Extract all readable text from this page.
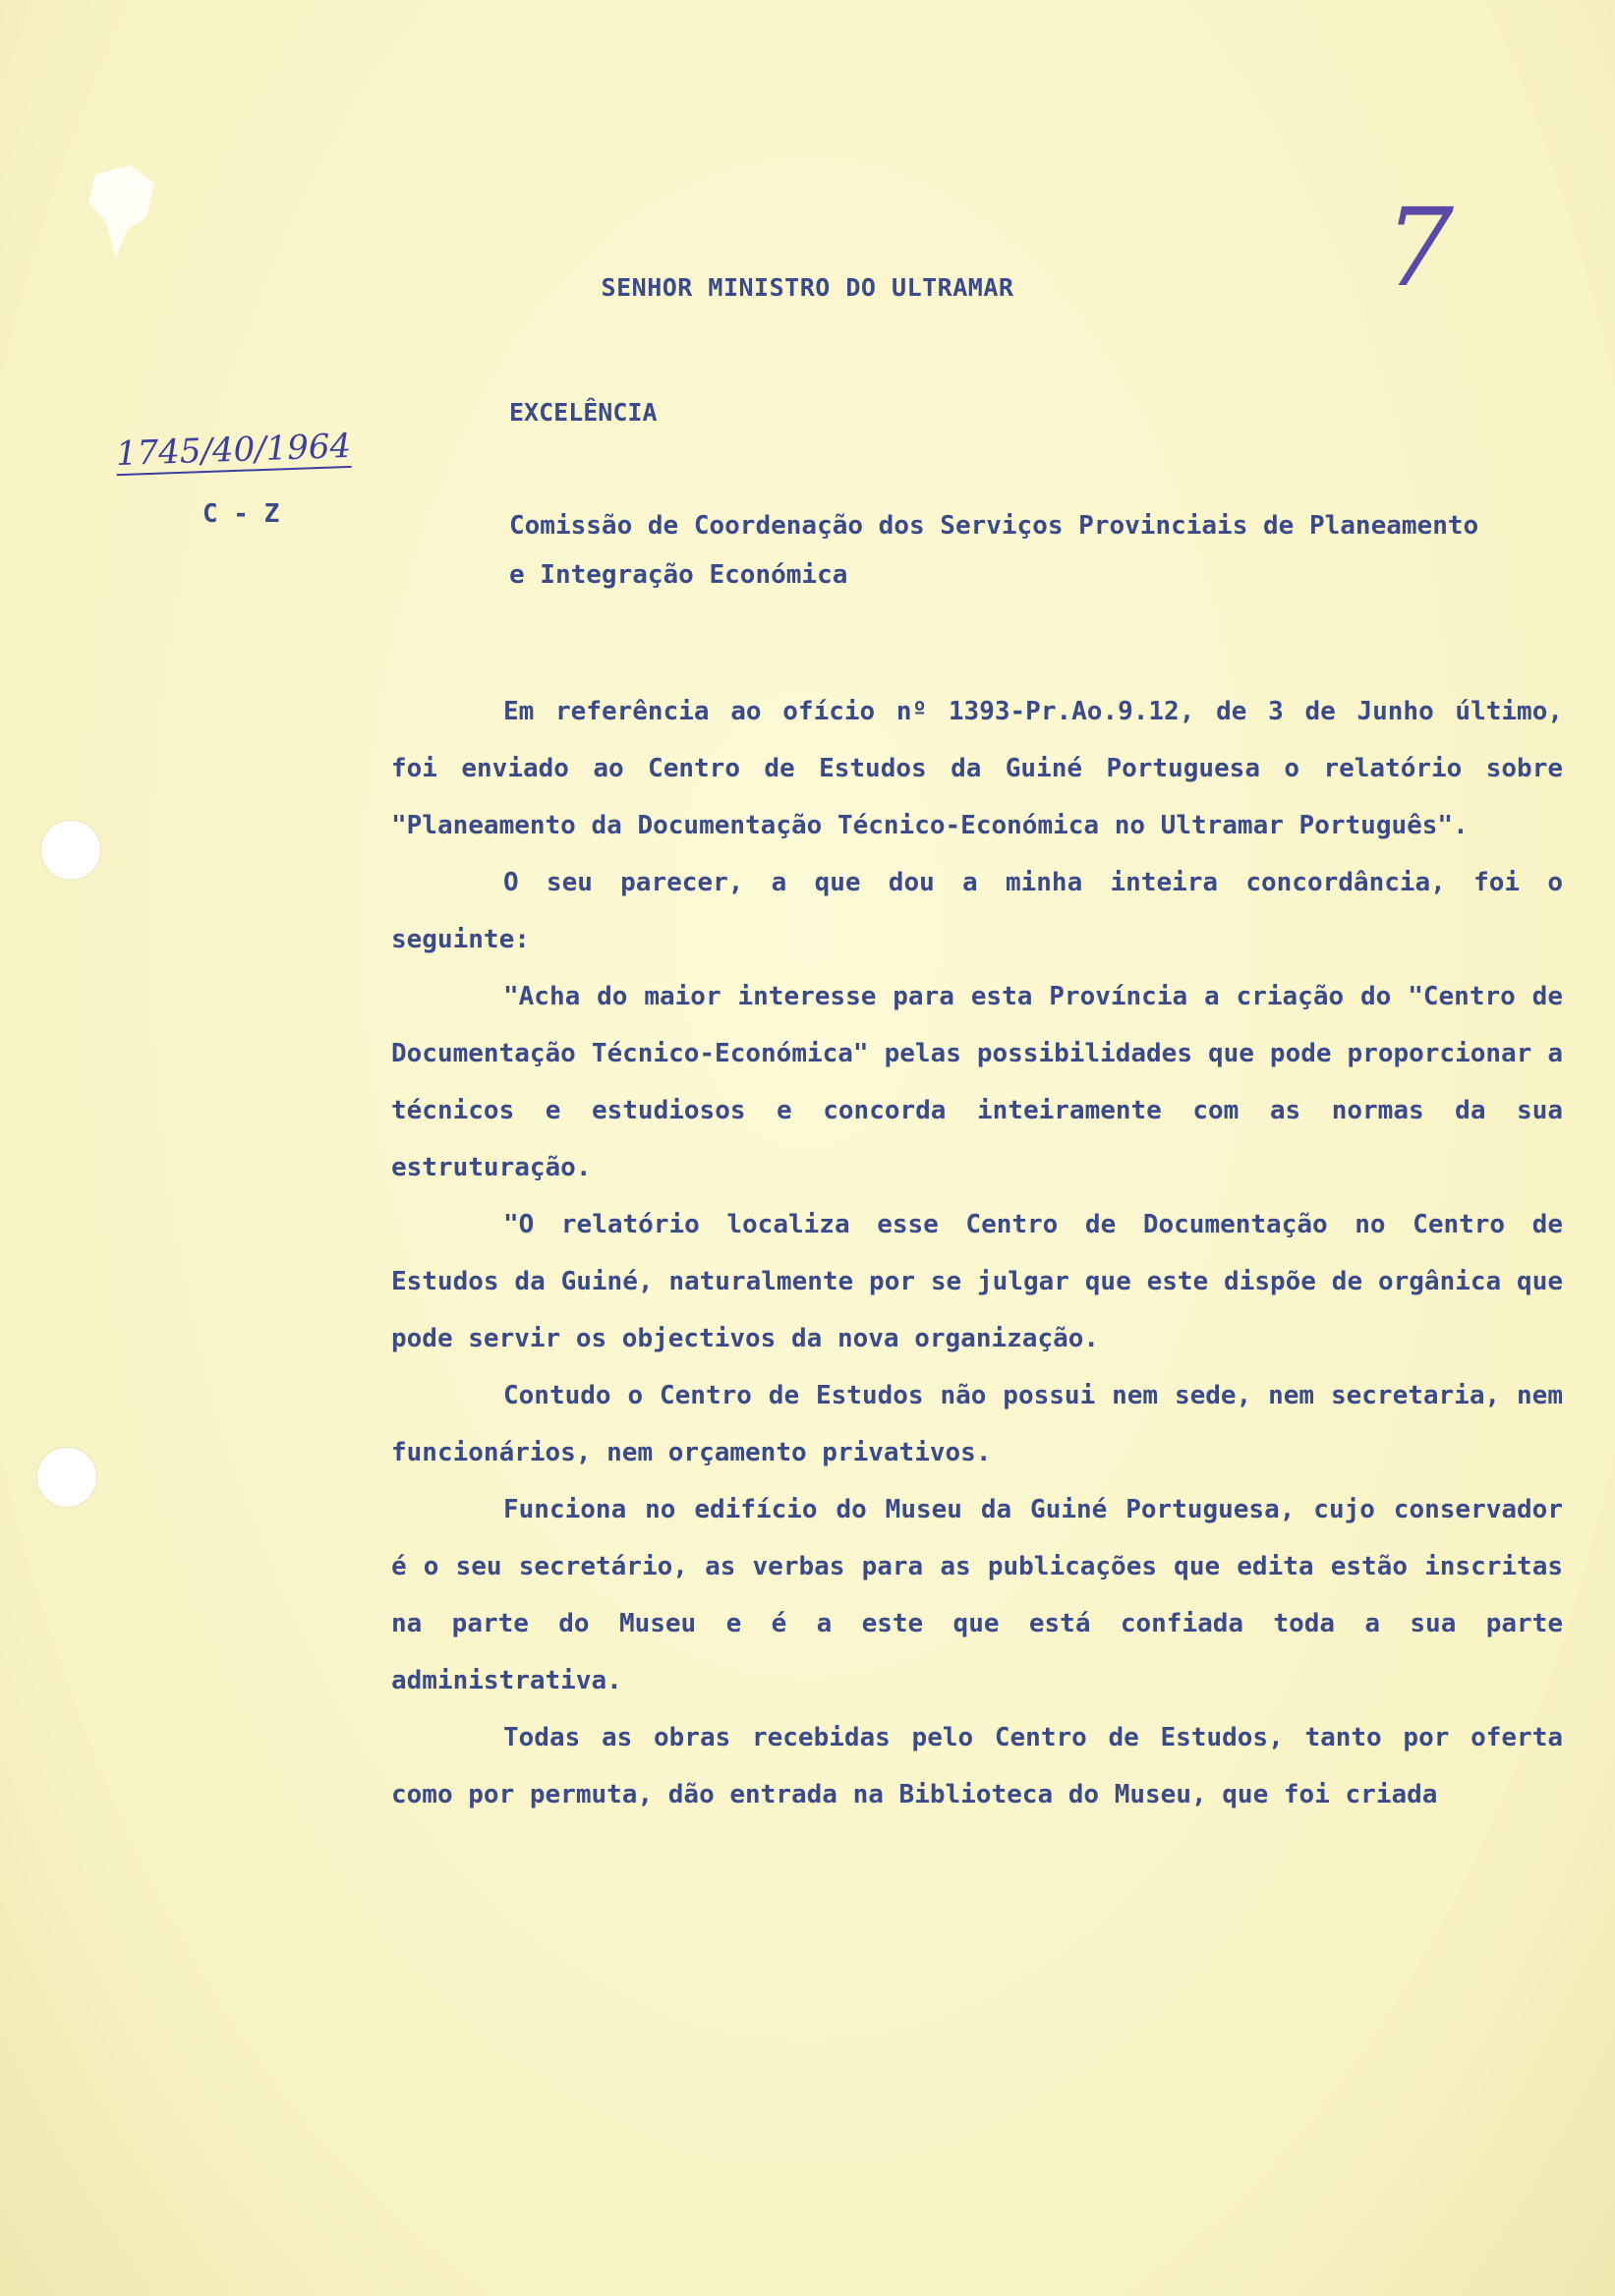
SENHOR MINISTRO DO ULTRAMAR	7
EXCELÊNCIA
1745/40/1964
C - Z	Comissão de Coordenação dos Serviços Provinciais de Planeamento e Integração Económica

Em referência ao ofício nº 1393-Pr.Ao.9.12, de 3 de Junho último, foi enviado ao Centro de Estudos da Guiné Portuguesa o relatório sobre "Planeamento da Documentação Técnico-Económica no Ultramar Português".

O seu parecer, a que dou a minha inteira concordância, foi o seguinte:

"Acha do maior interesse para esta Província a criação do "Centro de Documentação Técnico-Económica" pelas possibilidades que pode proporcionar a técnicos e estudiosos e concorda inteiramente com as normas da sua estruturação.

"O relatório localiza esse Centro de Documentação no Centro de Estudos da Guiné, naturalmente por se julgar que este dispõe de orgânica que pode servir os objectivos da nova organização.

Contudo o Centro de Estudos não possui nem sede, nem secretaria, nem funcionários, nem orçamento privativos.

Funciona no edifício do Museu da Guiné Portuguesa, cujo conservador é o seu secretário, as verbas para as publicações que edita estão inscritas na parte do Museu e é a este que está confiada toda a sua parte administrativa.

Todas as obras recebidas pelo Centro de Estudos, tanto por oferta como por permuta, dão entrada na Biblioteca do Museu, que foi criada
